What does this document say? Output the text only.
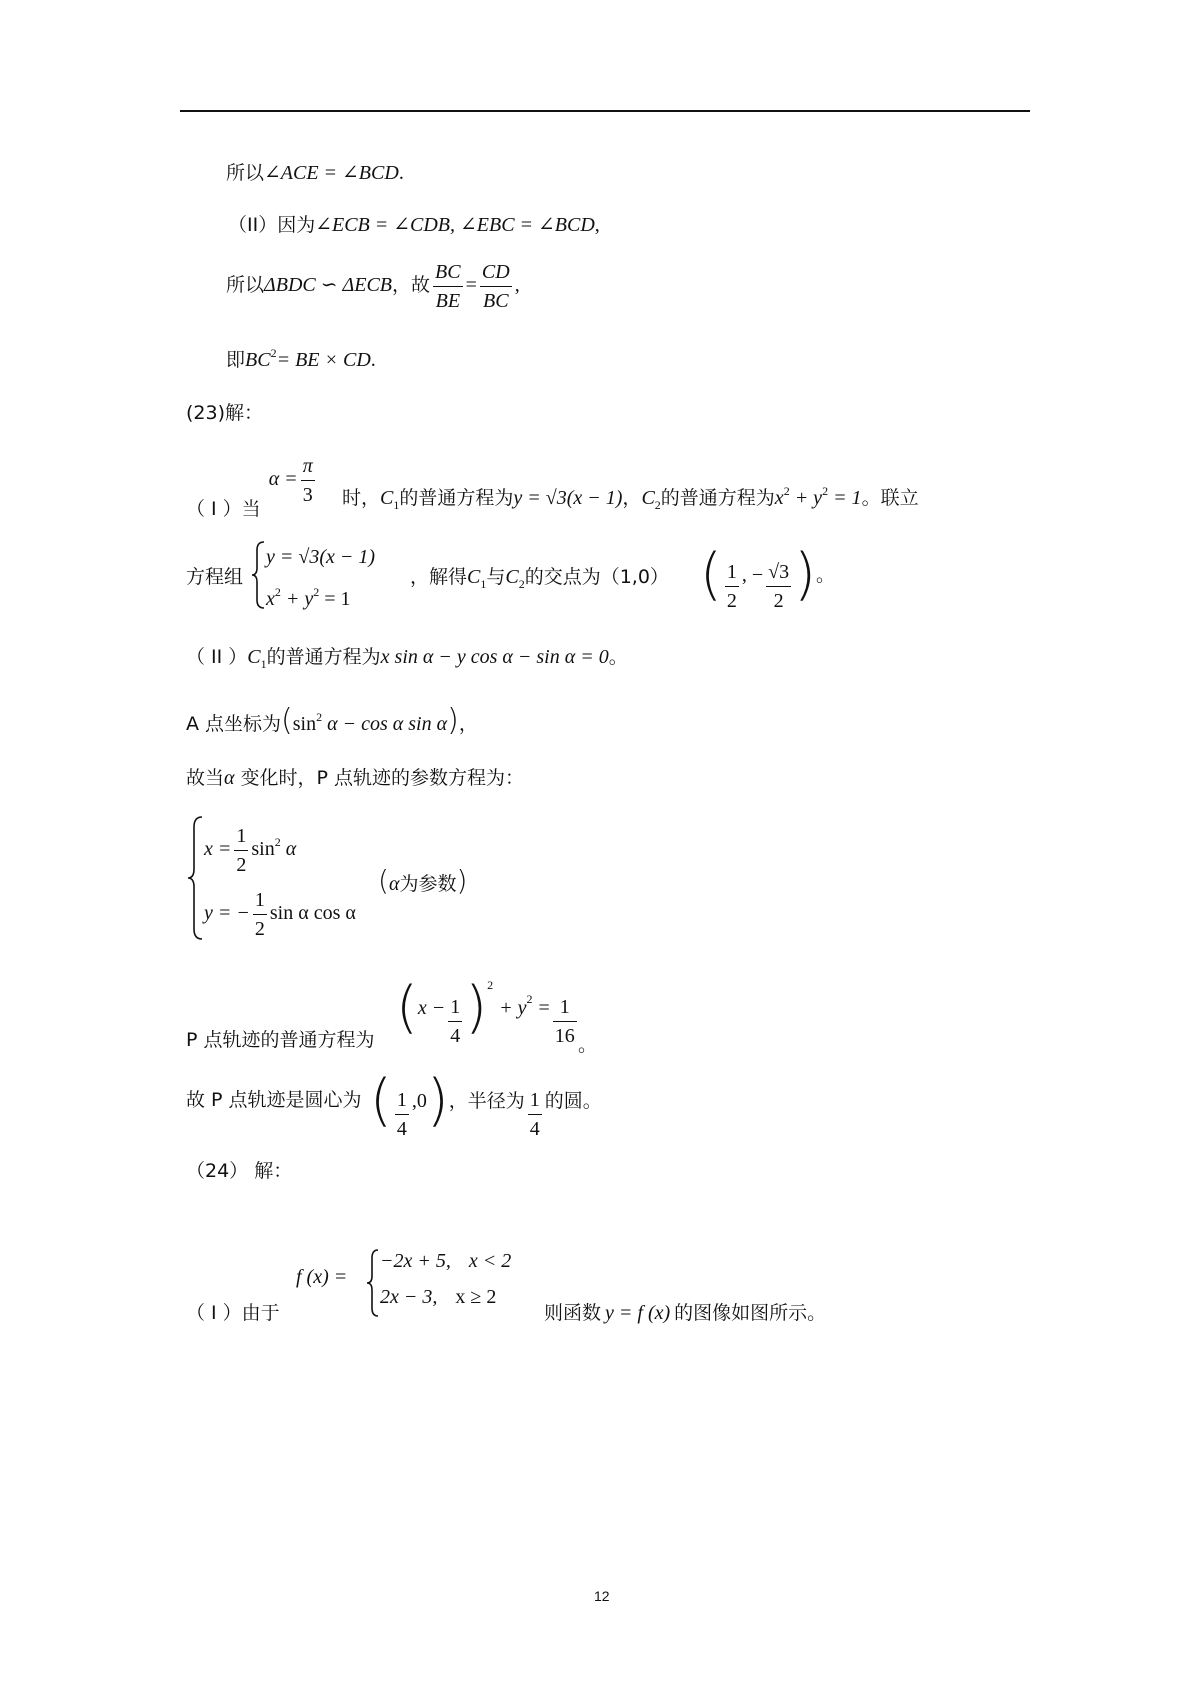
所以∠ACE = ∠BCD.
（II）因为∠ECB = ∠CDB, ∠EBC = ∠BCD,
所以ΔBDC ∽ ΔECB，故 $\frac{BC}{BE} = \frac{CD}{BC}$ ,
即$BC^2=$ BE × CD.
(23)解：
（ I ）当$\alpha = \frac{\pi}{3}$ 时，$C_1$的普通方程为y = √3(x − 1)，$C_2$的普通方程为$x^2 + y^2 = 1$。联立
方程组
y = √3(x − 1)
$x^2 + y^2 = 1$
，解得$C_1$与$C_2$的交点为（1,0） ( $\frac{1}{2}$ , − $\frac{√3}{2}$ )。
（ II ）$C_1$的普通方程为x sin α − y cos α − sin α = 0。
A 点坐标为($\sin^2$ α − cos α sin α)，
故当α 变化时，P 点轨迹的参数方程为：
$x = \frac{1}{2} \sin^2 \alpha$
y = − $\frac{1}{2}$ sin α cos α
(α为参数)
P 点轨迹的普通方程为 $(x - \frac{1}{4} )^2+ y^2 = \frac{1}{16}$ 。
故 P 点轨迹是圆心为 ( $\frac{1}{4} ,0$)，半径为 $\frac{1}{4}$ 的圆。
（24） 解：
（ I ）由于
f (x) =
−2x + 5, x < 2
2x − 3, x ≥ 2
则函数 y = f (x) 的图像如图所示。
12
